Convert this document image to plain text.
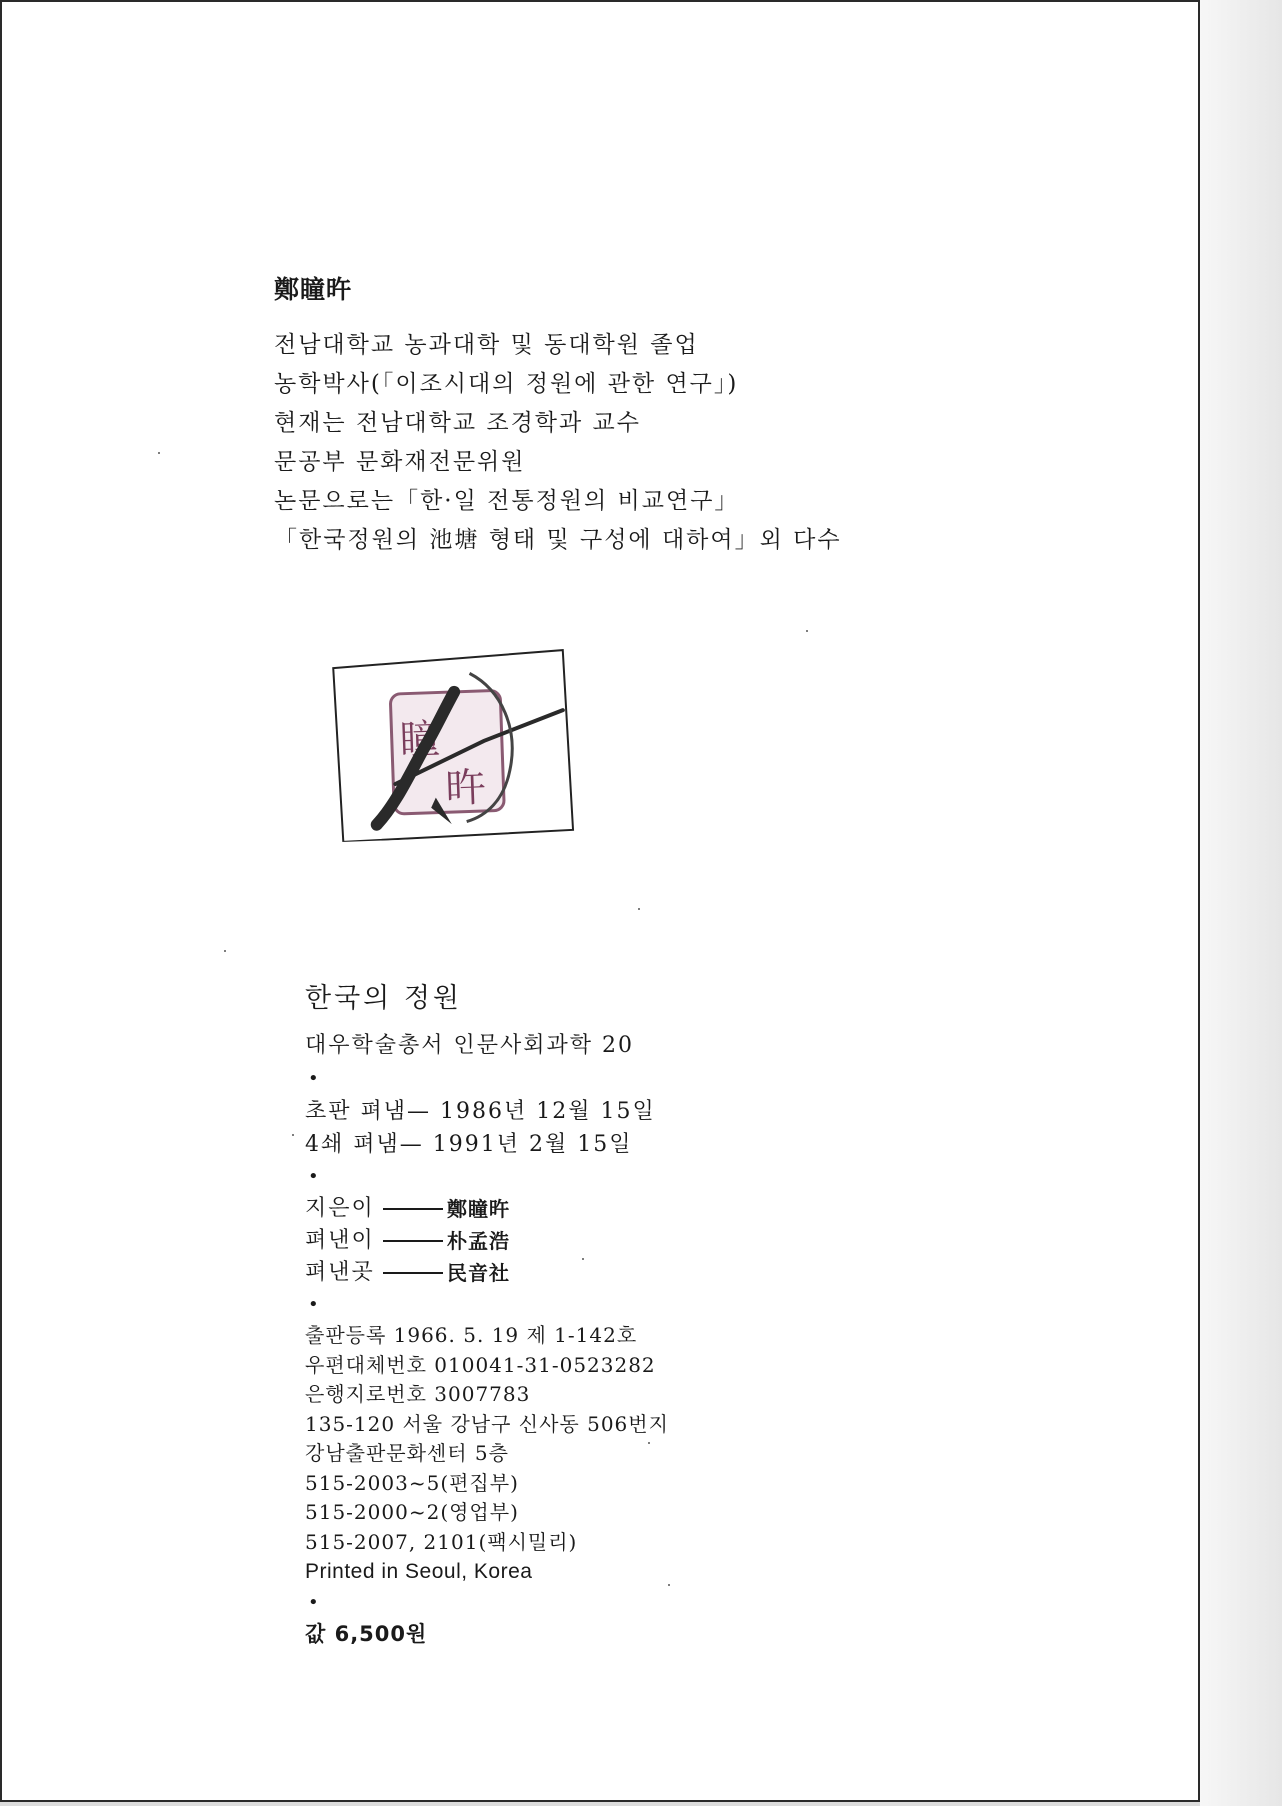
鄭瞳旿
전남대학교 농과대학 및 동대학원 졸업
농학박사(「이조시대의 정원에 관한 연구」)
현재는 전남대학교 조경학과 교수
문공부 문화재전문위원
논문으로는「한·일 전통정원의 비교연구」
「한국정원의 池塘 형태 및 구성에 대하여」외 다수
瞳
旿
한국의 정원
대우학술총서 인문사회과학 20
•
초판 펴냄— 1986년 12월 15일
4쇄 펴냄— 1991년 2월 15일
•
지은이	鄭瞳旿
펴낸이	朴孟浩
펴낸곳	民音社
•
출판등록 1966. 5. 19 제 1-142호
우편대체번호 010041-31-0523282
은행지로번호 3007783
135-120 서울 강남구 신사동 506번지
강남출판문화센터 5층
515-2003~5(편집부)
515-2000~2(영업부)
515-2007, 2101(팩시밀리)
Printed in Seoul, Korea
•
값 6,500원
